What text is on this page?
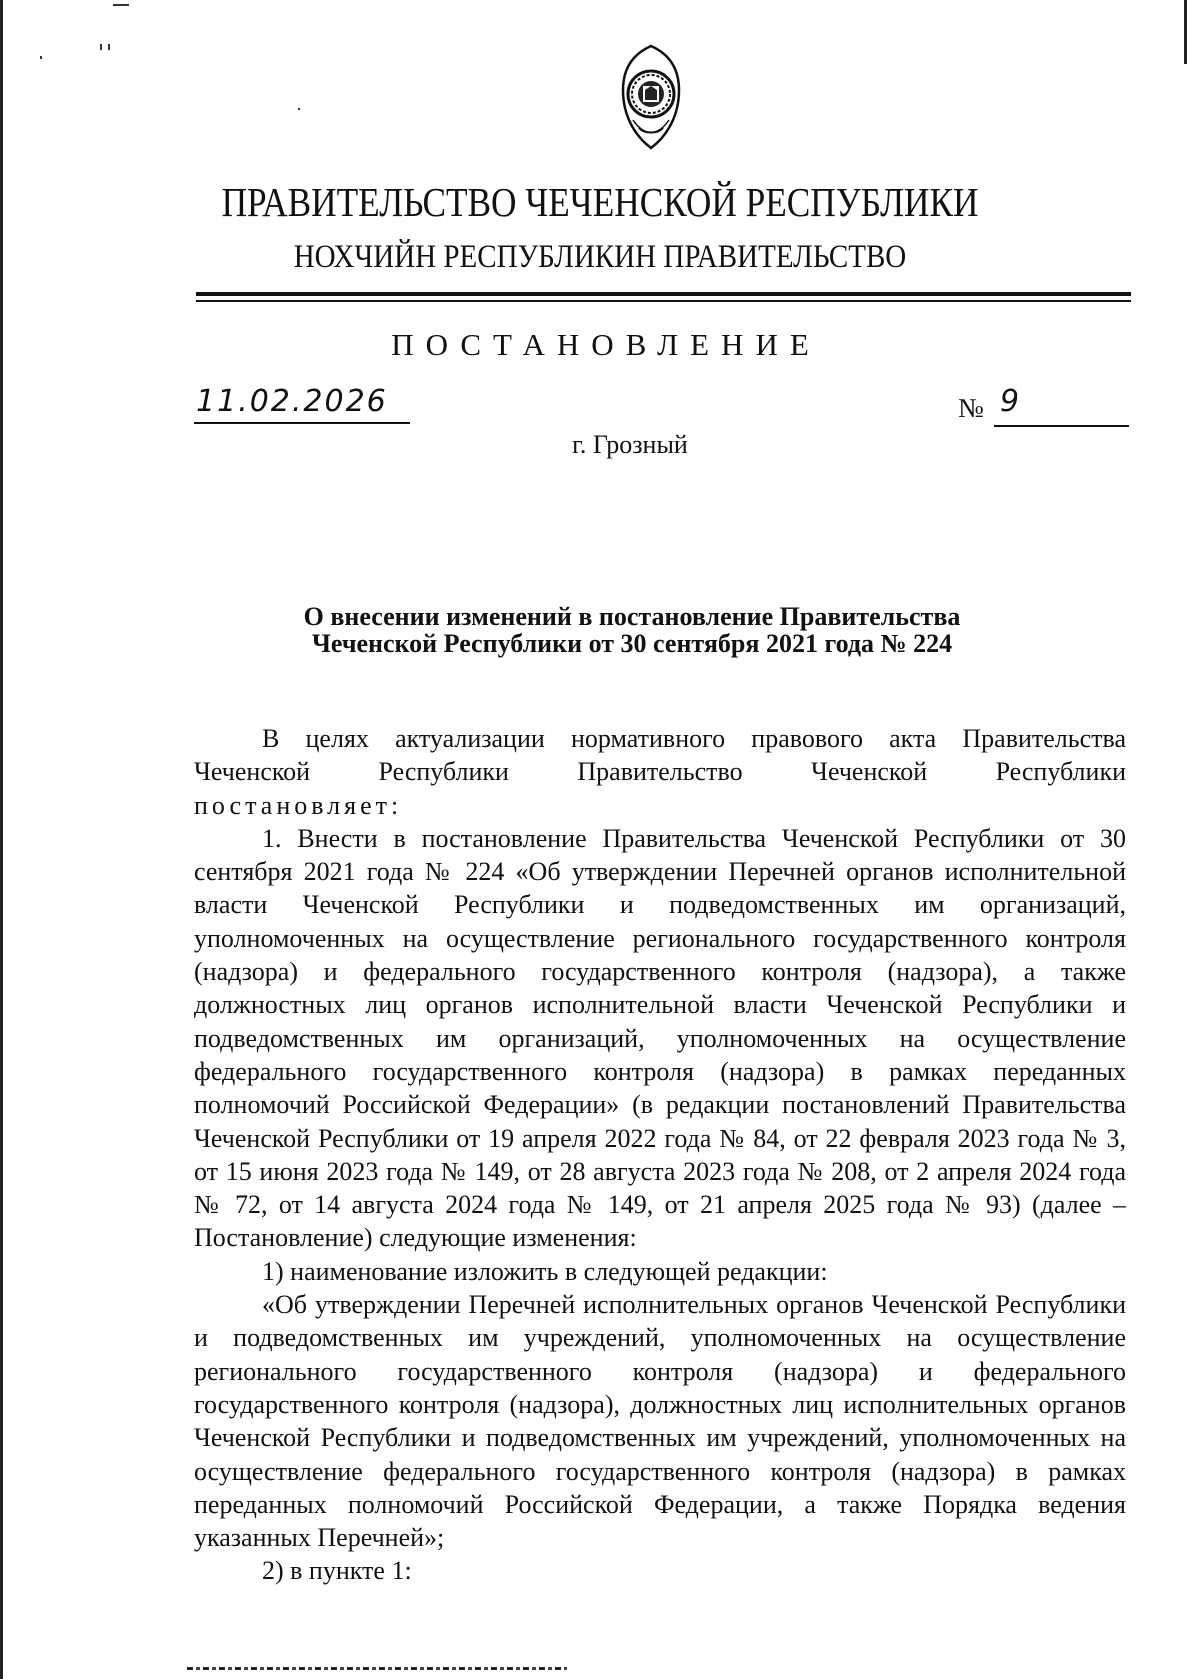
ПРАВИТЕЛЬСТВО ЧЕЧЕНСКОЙ РЕСПУБЛИКИ
НОХЧИЙН РЕСПУБЛИКИН ПРАВИТЕЛЬСТВО
ПОСТАНОВЛЕНИЕ
11.02.2026	№ 9
г. Грозный
О внесении изменений в постановление Правительства
Чеченской Республики от 30 сентября 2021 года № 224

В целях актуализации нормативного правового акта Правительства Чеченской Республики Правительство Чеченской Республики

постановляет:

1. Внести в постановление Правительства Чеченской Республики от 30 сентября 2021 года № 224 «Об утверждении Перечней органов исполнительной власти Чеченской Республики и подведомственных им организаций, уполномоченных на осуществление регионального государственного контроля (надзора) и федерального государственного контроля (надзора), а также должностных лиц органов исполнительной власти Чеченской Республики и подведомственных им организаций, уполномоченных на осуществление федерального государственного контроля (надзора) в рамках переданных полномочий Российской Федерации» (в редакции постановлений Правительства Чеченской Республики от 19 апреля 2022 года № 84, от 22 февраля 2023 года № 3, от 15 июня 2023 года № 149, от 28 августа 2023 года № 208, от 2 апреля 2024 года № 72, от 14 августа 2024 года № 149, от 21 апреля 2025 года № 93) (далее – Постановление) следующие изменения:

1) наименование изложить в следующей редакции:

«Об утверждении Перечней исполнительных органов Чеченской Республики и подведомственных им учреждений, уполномоченных на осуществление регионального государственного контроля (надзора) и федерального государственного контроля (надзора), должностных лиц исполнительных органов Чеченской Республики и подведомственных им учреждений, уполномоченных на осуществление федерального государственного контроля (надзора) в рамках переданных полномочий Российской Федерации, а также Порядка ведения указанных Перечней»;

2) в пункте 1:
